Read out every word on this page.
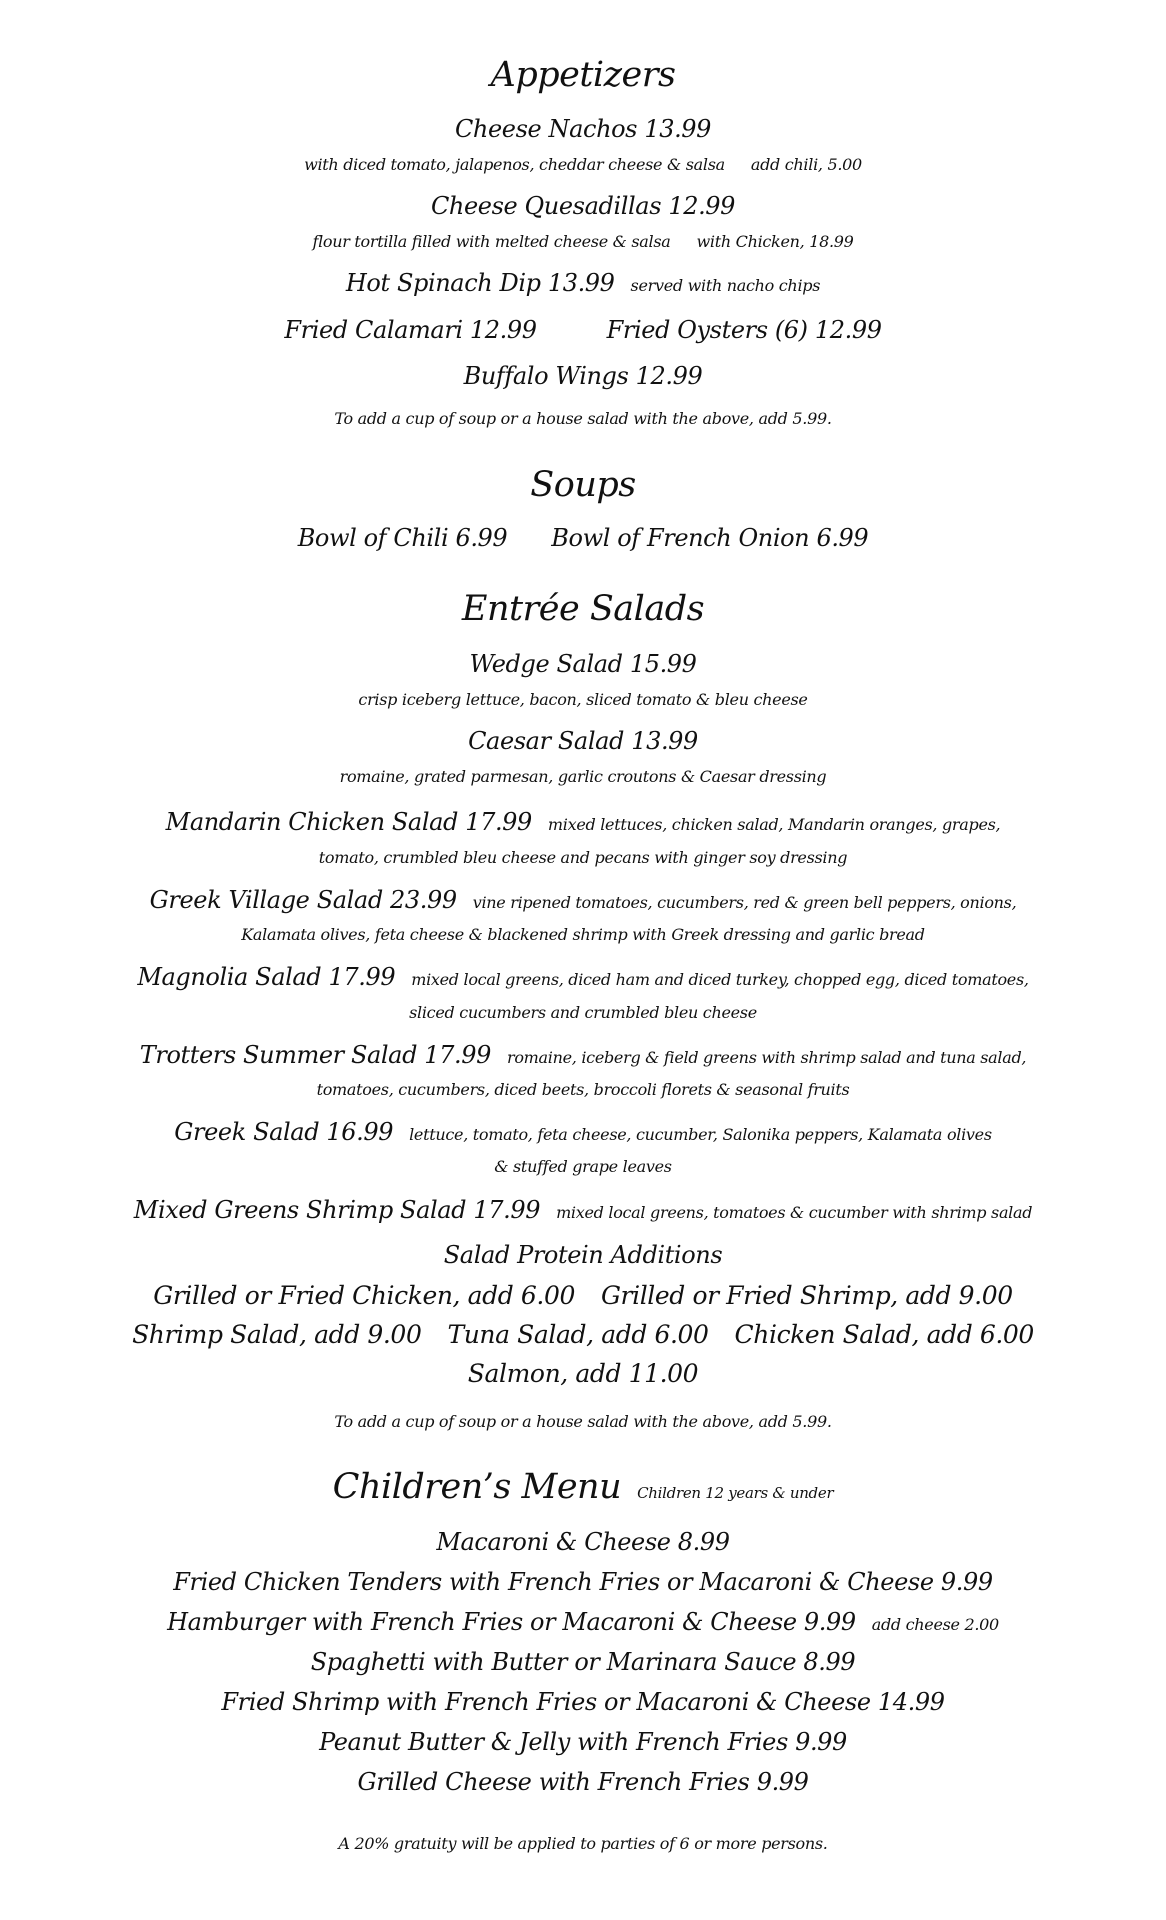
Appetizers
Cheese Nachos 13.99
with diced tomato, jalapenos, cheddar cheese & salsa add chili, 5.00
Cheese Quesadillas 12.99
flour tortilla filled with melted cheese & salsa with Chicken, 18.99
Hot Spinach Dip 13.99 served with nacho chips
Fried Calamari 12.99	Fried Oysters (6) 12.99
Buffalo Wings 12.99
To add a cup of soup or a house salad with the above, add 5.99.
Soups
Bowl of Chili 6.99 Bowl of French Onion 6.99
Entrée Salads
Wedge Salad 15.99
crisp iceberg lettuce, bacon, sliced tomato & bleu cheese
Caesar Salad 13.99
romaine, grated parmesan, garlic croutons & Caesar dressing
Mandarin Chicken Salad 17.99 mixed lettuces, chicken salad, Mandarin oranges, grapes,
tomato, crumbled bleu cheese and pecans with ginger soy dressing
Greek Village Salad 23.99 vine ripened tomatoes, cucumbers, red & green bell peppers, onions,
Kalamata olives, feta cheese & blackened shrimp with Greek dressing and garlic bread
Magnolia Salad 17.99 mixed local greens, diced ham and diced turkey, chopped egg, diced tomatoes,
sliced cucumbers and crumbled bleu cheese
Trotters Summer Salad 17.99 romaine, iceberg & field greens with shrimp salad and tuna salad,
tomatoes, cucumbers, diced beets, broccoli florets & seasonal fruits
Greek Salad 16.99 lettuce, tomato, feta cheese, cucumber, Salonika peppers, Kalamata olives
& stuffed grape leaves
Mixed Greens Shrimp Salad 17.99 mixed local greens, tomatoes & cucumber with shrimp salad
Salad Protein Additions
Grilled or Fried Chicken, add 6.00 Grilled or Fried Shrimp, add 9.00
Shrimp Salad, add 9.00 Tuna Salad, add 6.00 Chicken Salad, add 6.00
Salmon, add 11.00
To add a cup of soup or a house salad with the above, add 5.99.
Children’s Menu Children 12 years & under
Macaroni & Cheese 8.99
Fried Chicken Tenders with French Fries or Macaroni & Cheese 9.99
Hamburger with French Fries or Macaroni & Cheese 9.99 add cheese 2.00
Spaghetti with Butter or Marinara Sauce 8.99
Fried Shrimp with French Fries or Macaroni & Cheese 14.99
Peanut Butter & Jelly with French Fries 9.99
Grilled Cheese with French Fries 9.99
A 20% gratuity will be applied to parties of 6 or more persons.
